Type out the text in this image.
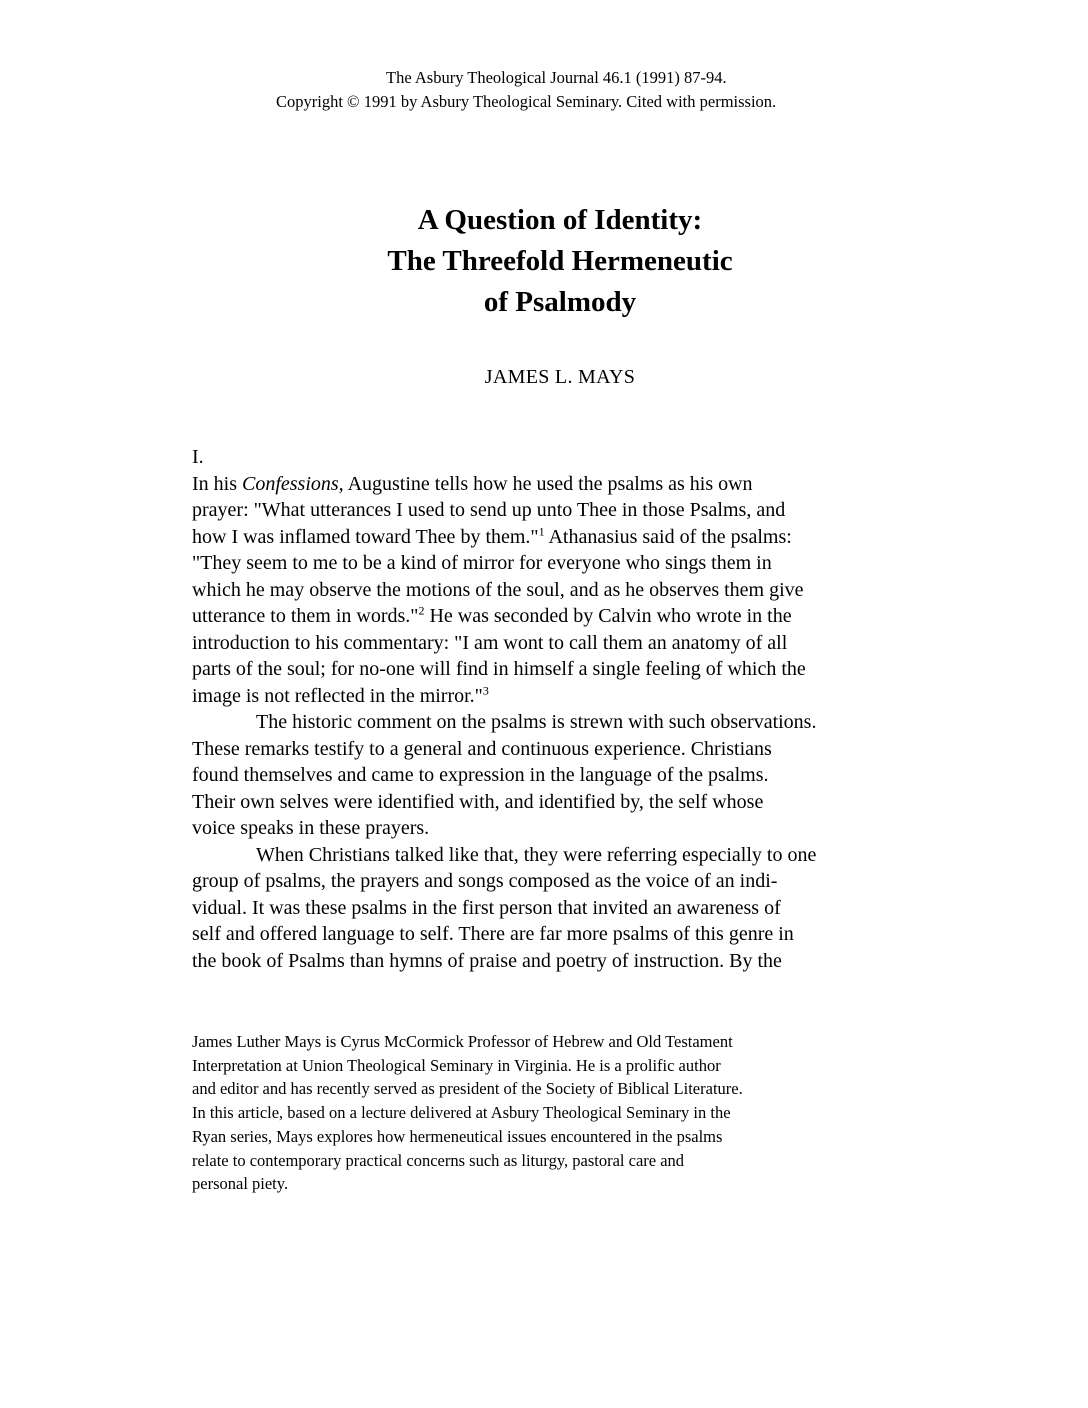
The Asbury Theological Journal 46.1 (1991) 87-94.
Copyright © 1991 by Asbury Theological Seminary. Cited with permission.
A Question of Identity:
The Threefold Hermeneutic
of Psalmody
JAMES L. MAYS
I.

In his Confessions, Augustine tells how he used the psalms as his own
prayer: "What utterances I used to send up unto Thee in those Psalms, and
how I was inflamed toward Thee by them."$^1$ Athanasius said of the psalms:
"They seem to me to be a kind of mirror for everyone who sings them in
which he may observe the motions of the soul, and as he observes them give
utterance to them in words."$^2$ He was seconded by Calvin who wrote in the
introduction to his commentary: "I am wont to call them an anatomy of all
parts of the soul; for no-one will find in himself a single feeling of which the
image is not reflected in the mirror."$^3$

The historic comment on the psalms is strewn with such observations.
These remarks testify to a general and continuous experience. Christians
found themselves and came to expression in the language of the psalms.
Their own selves were identified with, and identified by, the self whose
voice speaks in these prayers.

When Christians talked like that, they were referring especially to one
group of psalms, the prayers and songs composed as the voice of an indi-
vidual. It was these psalms in the first person that invited an awareness of
self and offered language to self. There are far more psalms of this genre in
the book of Psalms than hymns of praise and poetry of instruction. By the

James Luther Mays is Cyrus McCormick Professor of Hebrew and Old Testament
Interpretation at Union Theological Seminary in Virginia. He is a prolific author
and editor and has recently served as president of the Society of Biblical Literature.
In this article, based on a lecture delivered at Asbury Theological Seminary in the
Ryan series, Mays explores how hermeneutical issues encountered in the psalms
relate to contemporary practical concerns such as liturgy, pastoral care and
personal piety.
